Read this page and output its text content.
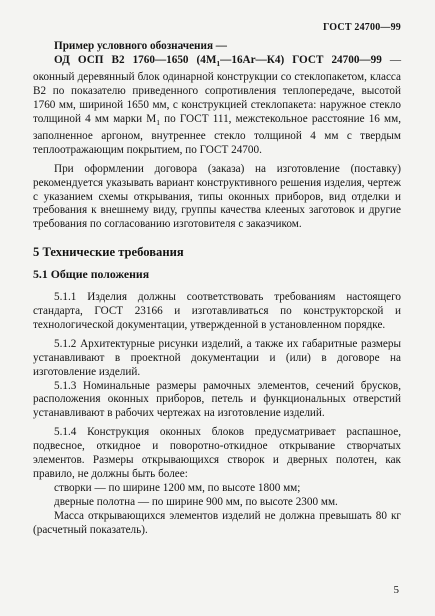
ГОСТ 24700—99

Пример условного обозначения —

ОД ОСП В2 1760—1650 $(4М_1—16Ar—К4)$ ГОСТ 24700—99 — оконный деревянный блок одинарной конструкции со стеклопакетом, класса В2 по показателю приведенного сопротивления теплопередаче, высотой 1760 мм, шириной 1650 мм, с конструкцией стеклопакета: наружное стекло толщиной 4 мм марки $М_1$ по ГОСТ 111, межстекольное расстояние 16 мм, заполненное аргоном, внутреннее стекло толщиной 4 мм с твердым теплоотражающим покрытием, по ГОСТ 24700.

При оформлении договора (заказа) на изготовление (поставку) рекомендуется указывать вариант конструктивного решения изделия, чертеж с указанием схемы открывания, типы оконных приборов, вид отделки и требования к внешнему виду, группы качества клееных заготовок и другие требования по согласованию изготовителя с заказчиком.

5 Технические требования
5.1 Общие положения

5.1.1 Изделия должны соответствовать требованиям настоящего стандарта, ГОСТ 23166 и изготавливаться по конструкторской и технологической документации, утвержденной в установленном порядке.

5.1.2 Архитектурные рисунки изделий, а также их габаритные размеры устанавливают в проектной документации и (или) в договоре на изготовление изделий.

5.1.3 Номинальные размеры рамочных элементов, сечений брусков, расположения оконных приборов, петель и функциональных отверстий устанавливают в рабочих чертежах на изготовление изделий.

5.1.4 Конструкция оконных блоков предусматривает распашное, подвесное, откидное и поворотно-откидное открывание створчатых элементов. Размеры открывающихся створок и дверных полотен, как правило, не должны быть более:

створки — по ширине 1200 мм, по высоте 1800 мм;

дверные полотна — по ширине 900 мм, по высоте 2300 мм.

Масса открывающихся элементов изделий не должна превышать 80 кг (расчетный показатель).

5
